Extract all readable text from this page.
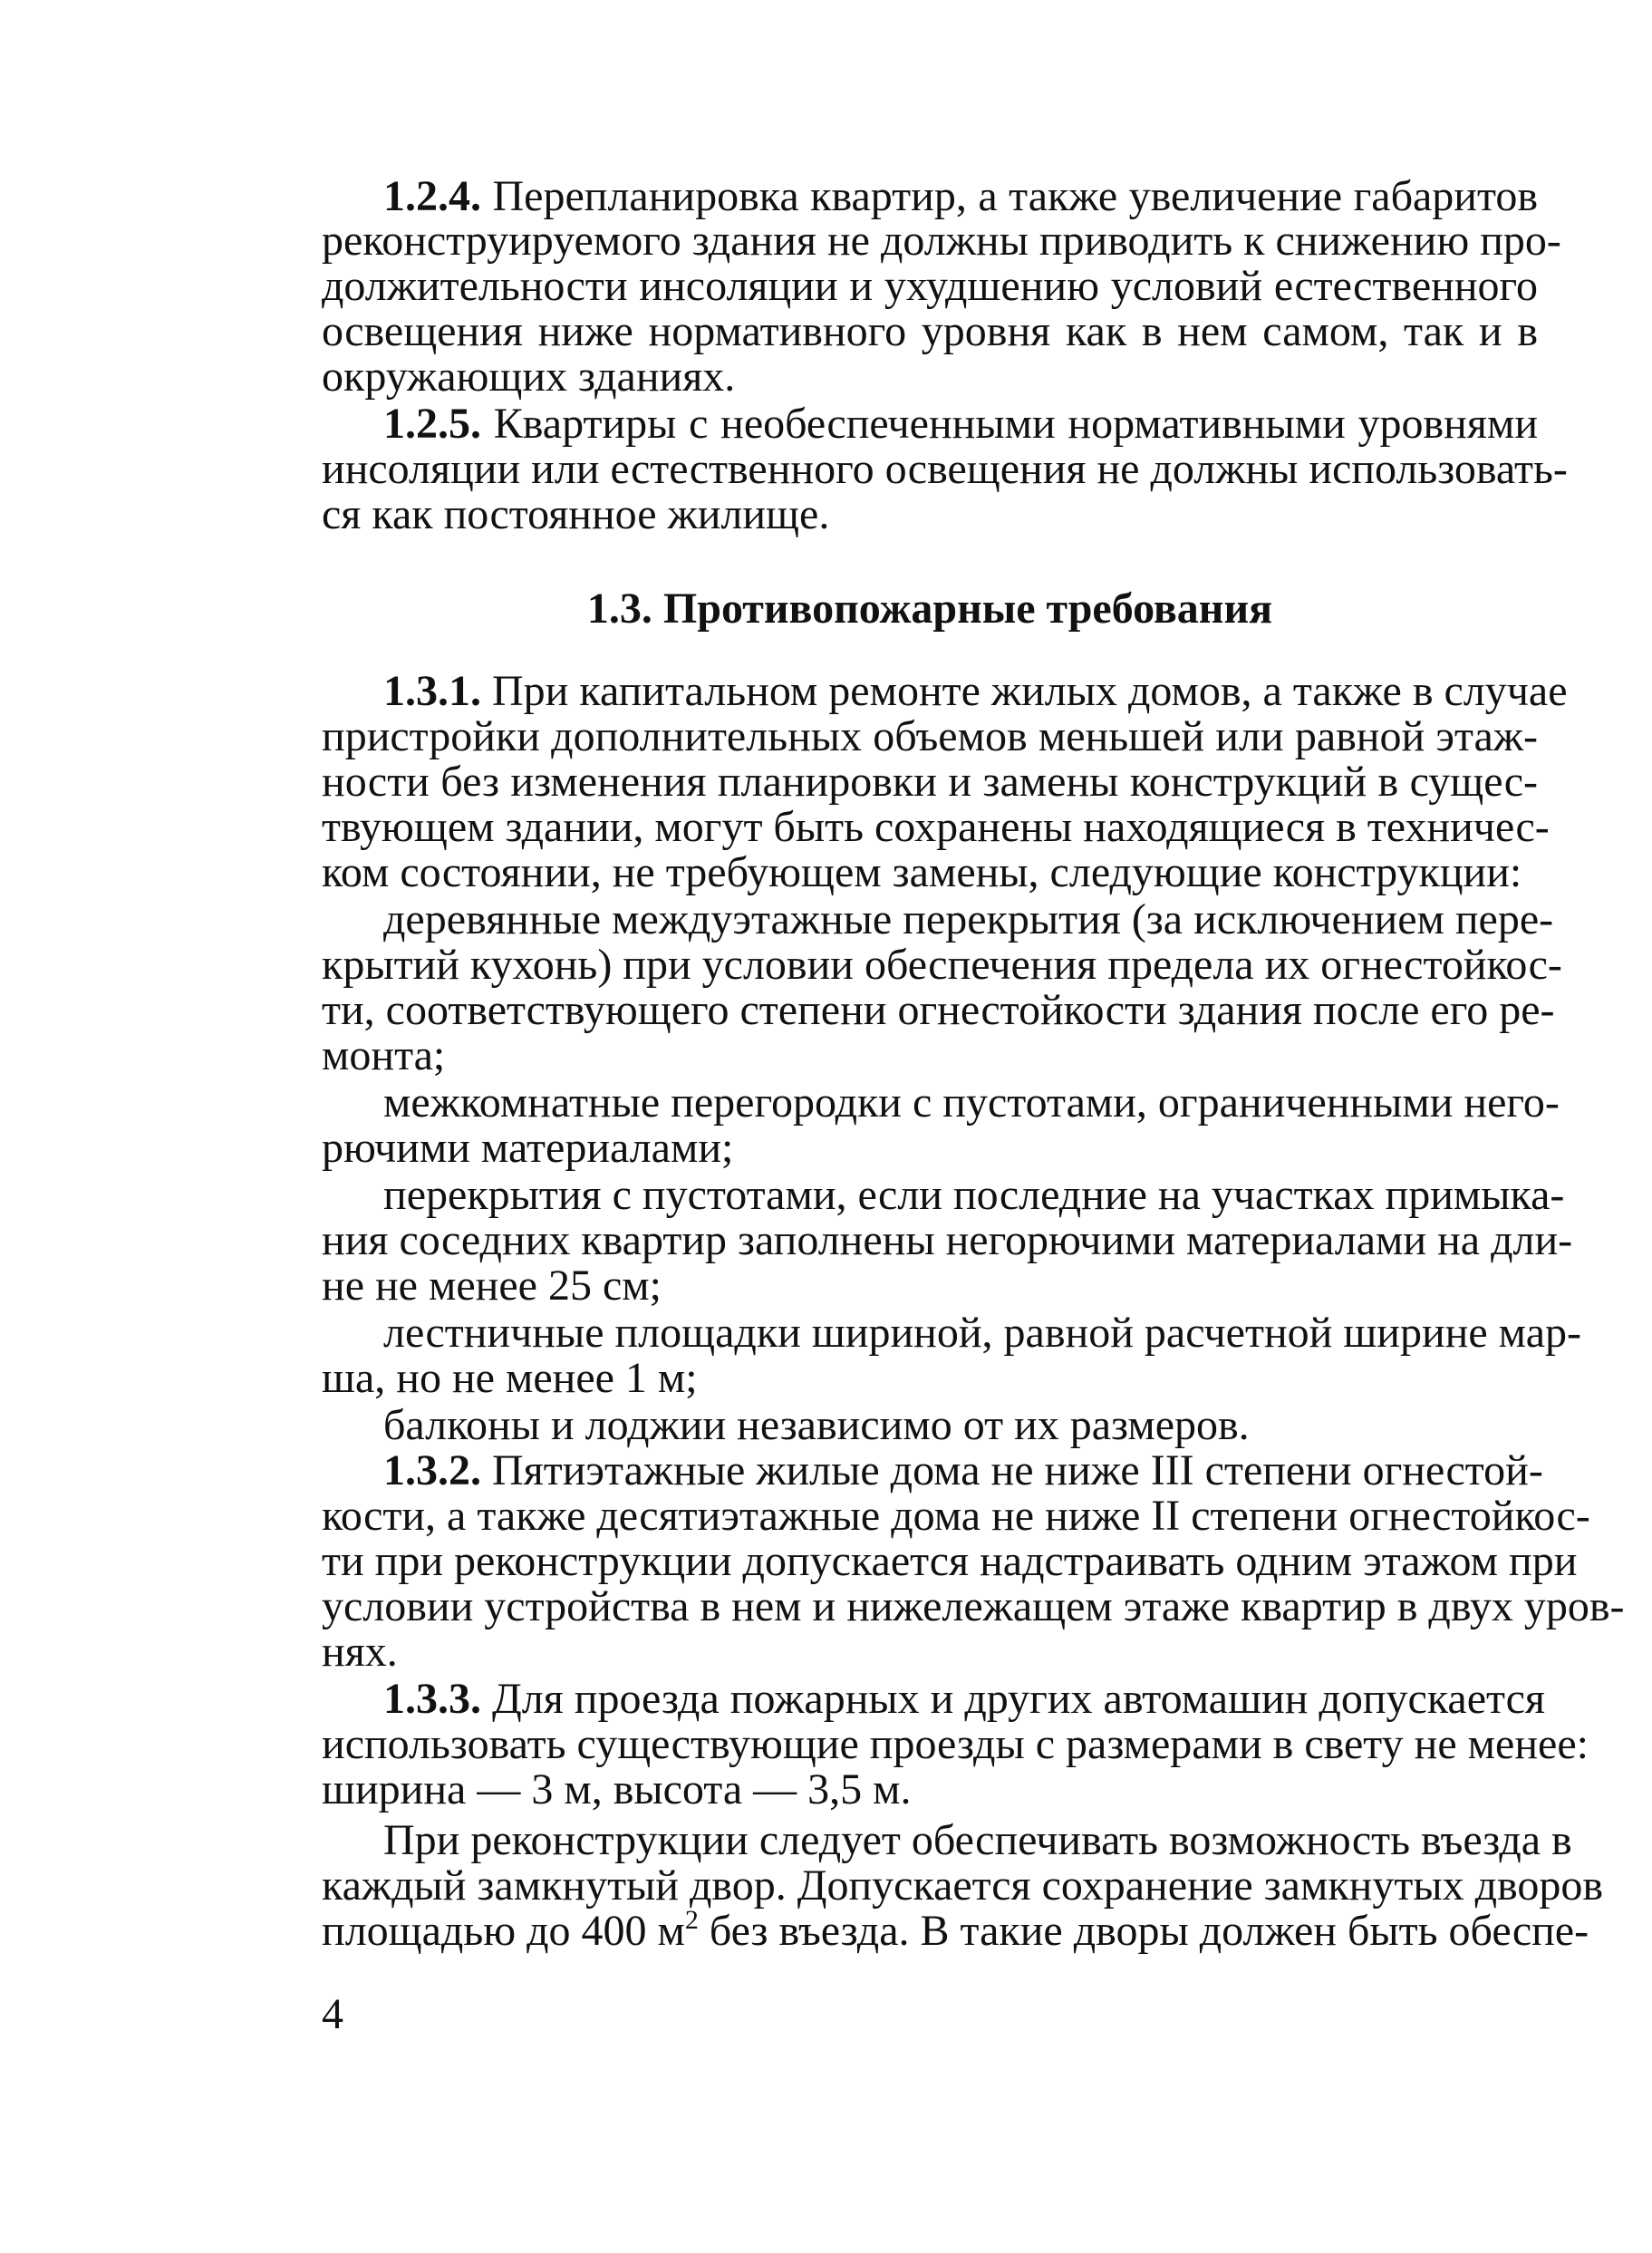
1.2.4. Перепланировка квартир, а также увеличение габаритов
реконструируемого здания не должны приводить к снижению про-
должительности инсоляции и ухудшению условий естественного
освещения ниже нормативного уровня как в нем самом, так и в
окружающих зданиях.
1.2.5. Квартиры с необеспеченными нормативными уровнями
инсоляции или естественного освещения не должны использовать-
ся как постоянное жилище.
1.3. Противопожарные требования
1.3.1. При капитальном ремонте жилых домов, а также в случае
пристройки дополнительных объемов меньшей или равной этаж-
ности без изменения планировки и замены конструкций в сущес-
твующем здании, могут быть сохранены находящиеся в техничес-
ком состоянии, не требующем замены, следующие конструкции:
деревянные междуэтажные перекрытия (за исключением пере-
крытий кухонь) при условии обеспечения предела их огнестойкос-
ти, соответствующего степени огнестойкости здания после его ре-
монта;
межкомнатные перегородки с пустотами, ограниченными него-
рючими материалами;
перекрытия с пустотами, если последние на участках примыка-
ния соседних квартир заполнены негорючими материалами на дли-
не не менее 25 см;
лестничные площадки шириной, равной расчетной ширине мар-
ша, но не менее 1 м;
балконы и лоджии независимо от их размеров.
1.3.2. Пятиэтажные жилые дома не ниже III степени огнестой-
кости, а также десятиэтажные дома не ниже II степени огнестойкос-
ти при реконструкции допускается надстраивать одним этажом при
условии устройства в нем и нижележащем этаже квартир в двух уров-
нях.
1.3.3. Для проезда пожарных и других автомашин допускается
использовать существующие проезды с размерами в свету не менее:
ширина — 3 м, высота — 3,5 м.
При реконструкции следует обеспечивать возможность въезда в
каждый замкнутый двор. Допускается сохранение замкнутых дворов
площадью до 400 $м^2$ без въезда. В такие дворы должен быть обеспе-
4
